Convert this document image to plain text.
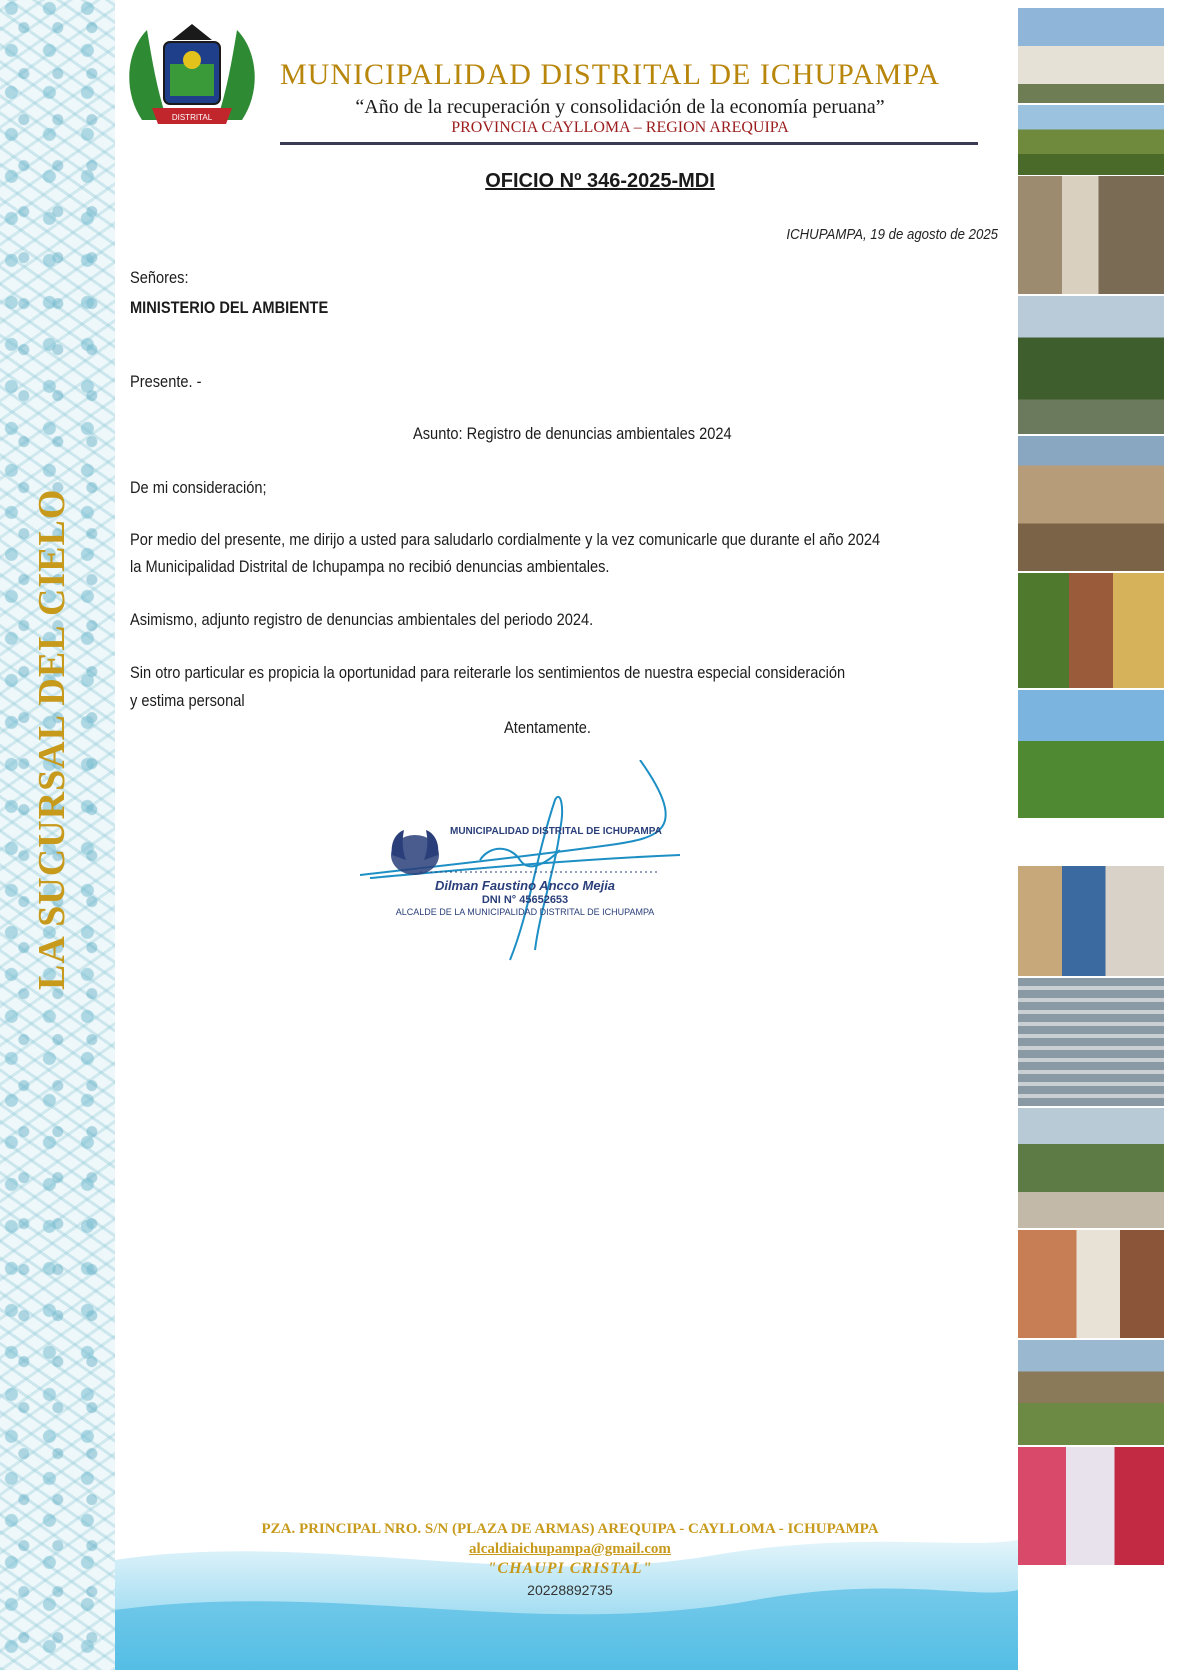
LA SUCURSAL DEL CIELO
DISTRITAL
MUNICIPALIDAD DISTRITAL DE ICHUPAMPA
“Año de la recuperación y consolidación de la economía peruana”
PROVINCIA CAYLLOMA – REGION AREQUIPA
OFICIO Nº 346-2025-MDI
ICHUPAMPA, 19 de agosto de 2025
Señores:
MINISTERIO DEL AMBIENTE
Presente. -
Asunto: Registro de denuncias ambientales 2024
De mi consideración;
Por medio del presente, me dirijo a usted para saludarlo cordialmente y la vez comunicarle que durante el año 2024
la Municipalidad Distrital de Ichupampa no recibió denuncias ambientales.
Asimismo, adjunto registro de denuncias ambientales del periodo 2024.
Sin otro particular es propicia la oportunidad para reiterarle los sentimientos de nuestra especial consideración
y estima personal
Atentamente.
MUNICIPALIDAD DISTRITAL DE ICHUPAMPA
Dilman Faustino Ancco Mejia
DNI N° 45652653
ALCALDE DE LA MUNICIPALIDAD DISTRITAL DE ICHUPAMPA
PZA. PRINCIPAL NRO. S/N (PLAZA DE ARMAS) AREQUIPA - CAYLLOMA - ICHUPAMPA
alcaldiaichupampa@gmail.com
"CHAUPI CRISTAL"
20228892735
